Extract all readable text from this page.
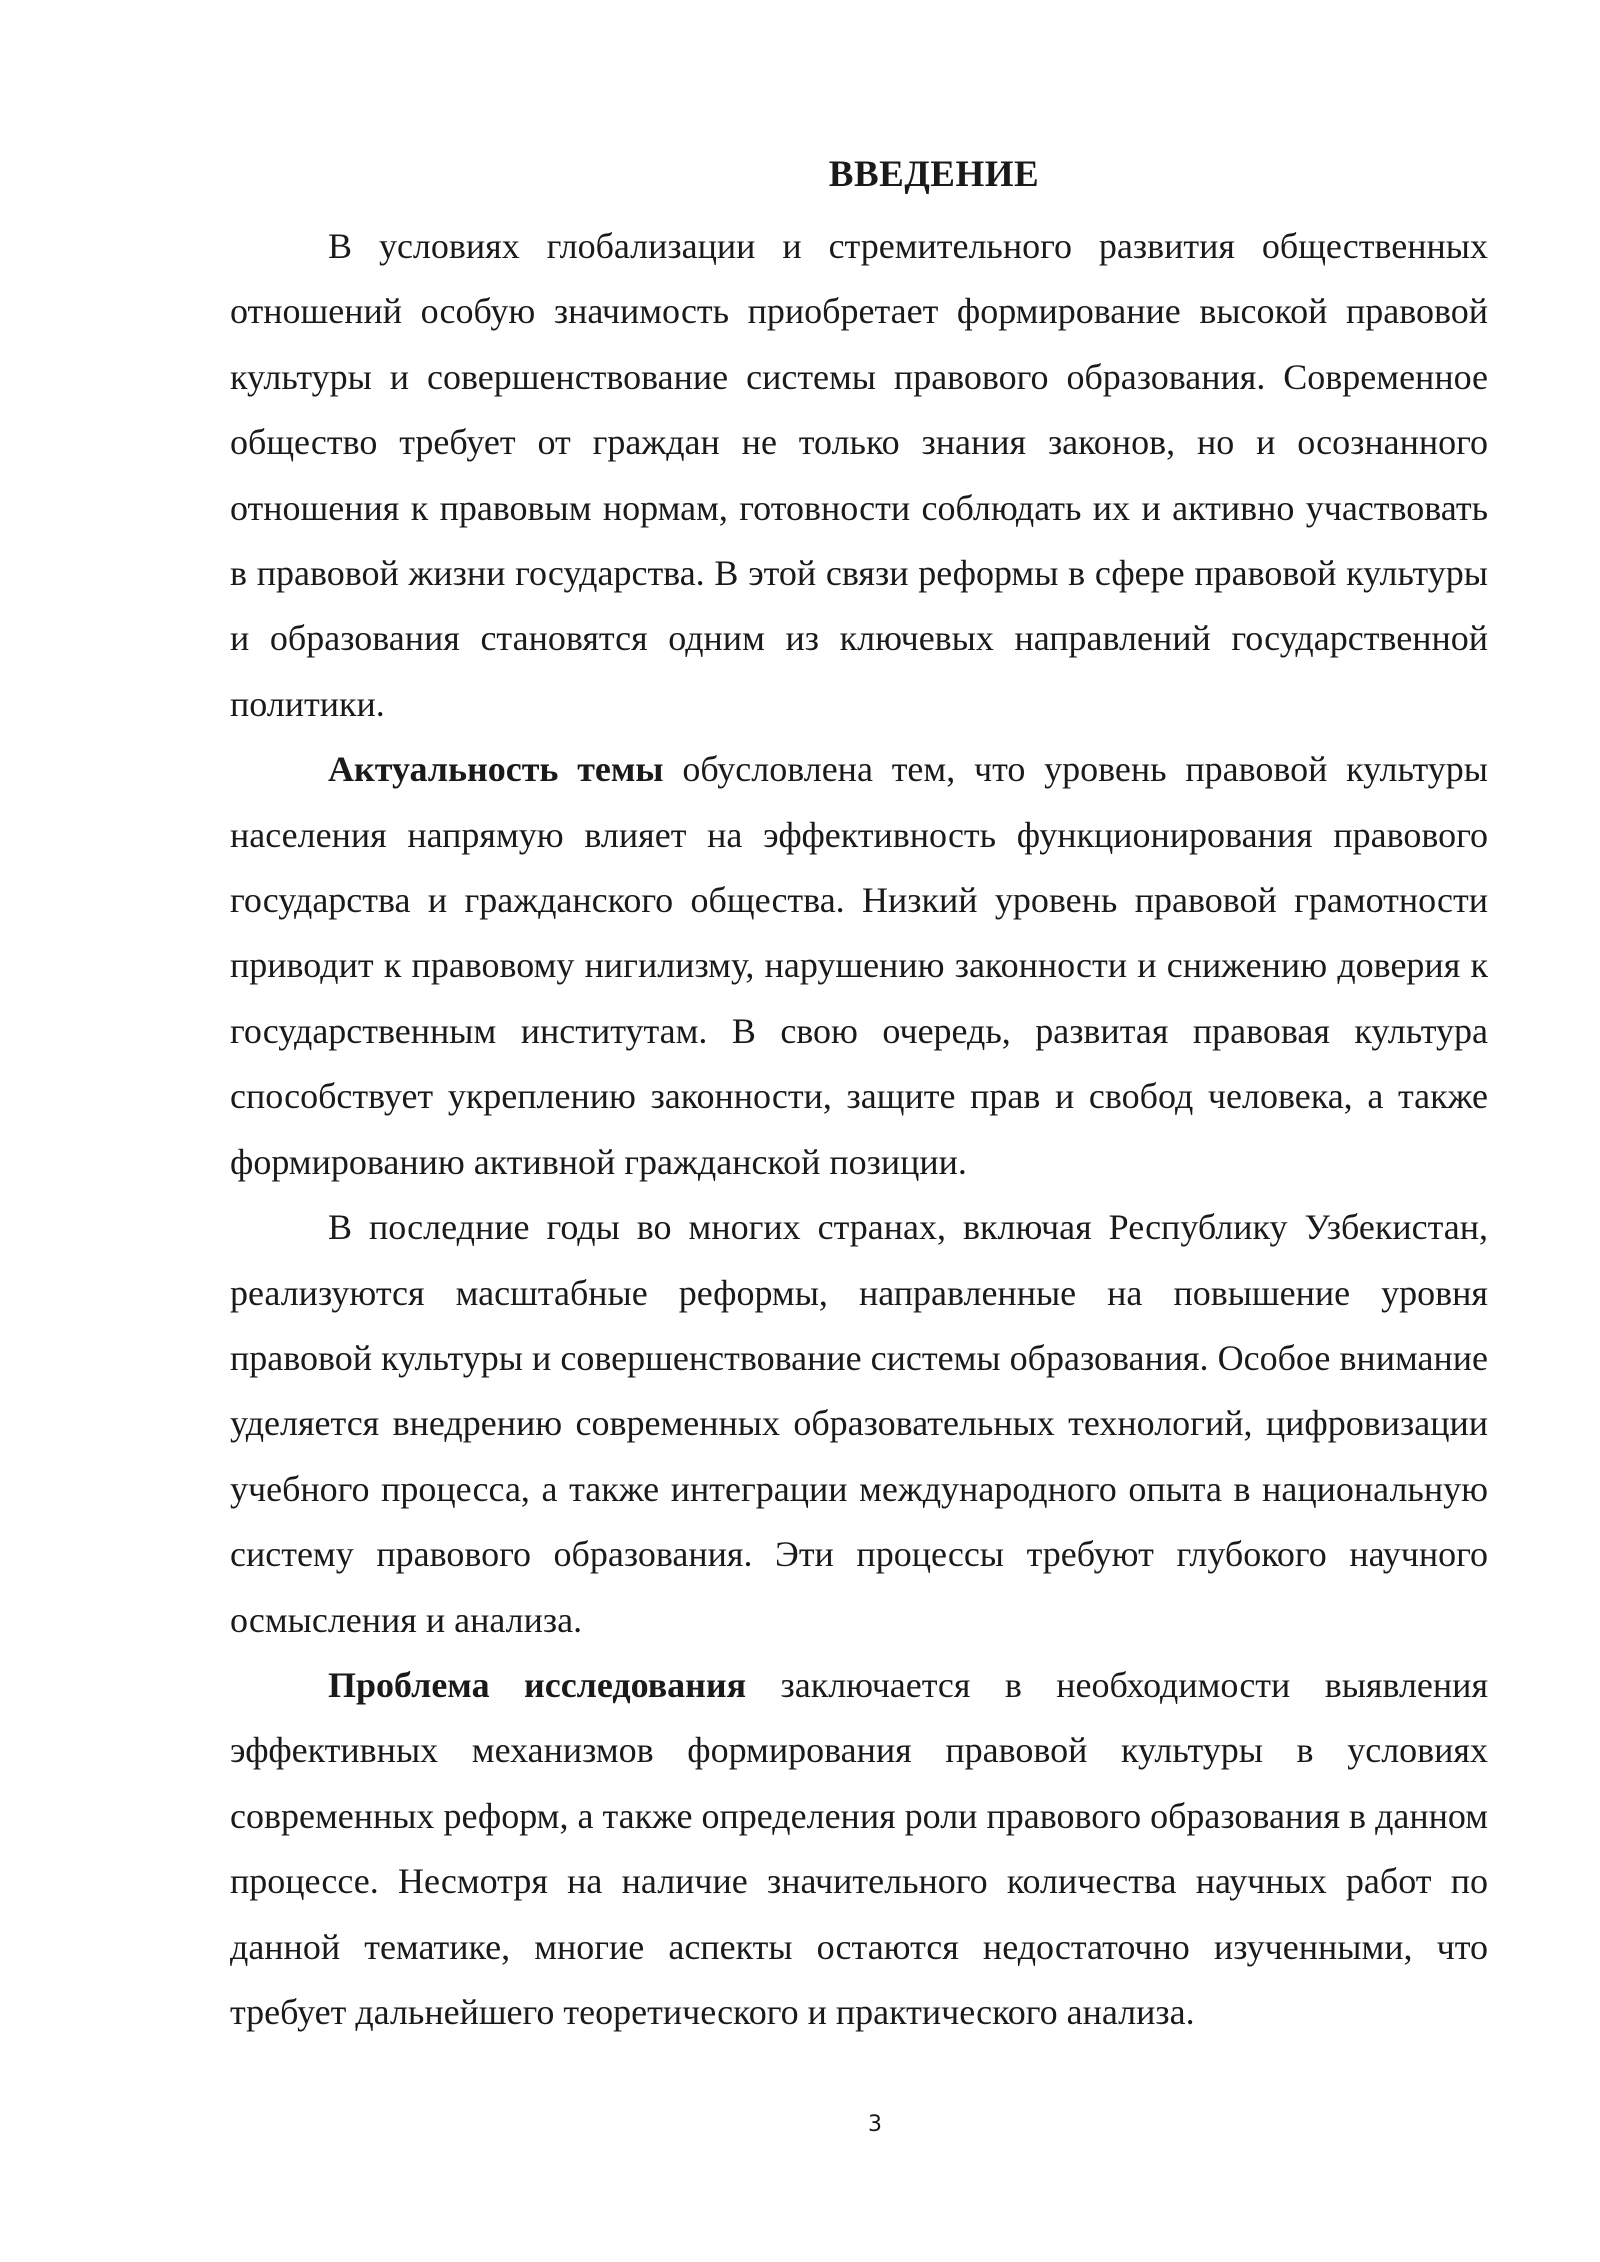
ВВЕДЕНИЕ

В условиях глобализации и стремительного развития общественных отношений особую значимость приобретает формирование высокой правовой культуры и совершенствование системы правового образования. Современное общество требует от граждан не только знания законов, но и осознанного отношения к правовым нормам, готовности соблюдать их и активно участвовать в правовой жизни государства. В этой связи реформы в сфере правовой культуры и образования становятся одним из ключевых направлений государственной политики.

Актуальность темы обусловлена тем, что уровень правовой культуры населения напрямую влияет на эффективность функционирования правового государства и гражданского общества. Низкий уровень правовой грамотности приводит к правовому нигилизму, нарушению законности и снижению доверия к государственным институтам. В свою очередь, развитая правовая культура способствует укреплению законности, защите прав и свобод человека, а также формированию активной гражданской позиции.

В последние годы во многих странах, включая Республику Узбекистан, реализуются масштабные реформы, направленные на повышение уровня правовой культуры и совершенствование системы образования. Особое внимание уделяется внедрению современных образовательных технологий, цифровизации учебного процесса, а также интеграции международного опыта в национальную систему правового образования. Эти процессы требуют глубокого научного осмысления и анализа.

Проблема исследования заключается в необходимости выявления эффективных механизмов формирования правовой культуры в условиях современных реформ, а также определения роли правового образования в данном процессе. Несмотря на наличие значительного количества научных работ по данной тематике, многие аспекты остаются недостаточно изученными, что требует дальнейшего теоретического и практического анализа.

3
